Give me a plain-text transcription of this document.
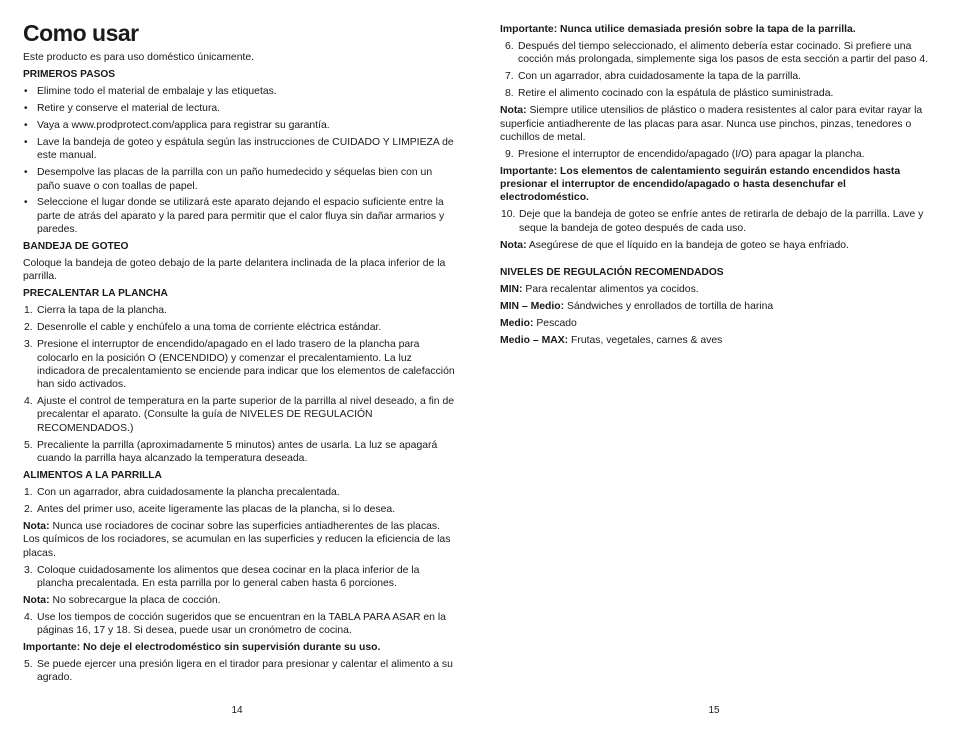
Como usar

Este producto es para uso doméstico únicamente.

PRIMEROS PASOS

• Elimine todo el material de embalaje y las etiquetas.
• Retire y conserve el material de lectura.
• Vaya a www.prodprotect.com/applica para registrar su garantía.
• Lave la bandeja de goteo y espátula según las instrucciones de CUIDADO Y LIMPIEZA de este manual.
• Desempolve las placas de la parrilla con un paño humedecido y séquelas bien con un paño suave o con toallas de papel.
• Seleccione el lugar donde se utilizará este aparato dejando el espacio suficiente entre la parte de atrás del aparato y la pared para permitir que el calor fluya sin dañar armarios y paredes.

BANDEJA DE GOTEO

Coloque la bandeja de goteo debajo de la parte delantera inclinada de la placa inferior de la parrilla.

PRECALENTAR LA PLANCHA

1. Cierra la tapa de la plancha.
2. Desenrolle el cable y enchúfelo a una toma de corriente eléctrica estándar.
3. Presione el interruptor de encendido/apagado en el lado trasero de la plancha para colocarlo en la posición O (ENCENDIDO) y comenzar el precalentamiento. La luz indicadora de precalentamiento se enciende para indicar que los elementos de calefacción han sido activados.
4. Ajuste el control de temperatura en la parte superior de la parrilla al nivel deseado, a fin de precalentar el aparato. (Consulte la guía de NIVELES DE REGULACIÓN RECOMENDADOS.)
5. Precaliente la parrilla (aproximadamente 5 minutos) antes de usarla. La luz se apagará cuando la parrilla haya alcanzado la temperatura deseada.

ALIMENTOS A LA PARRILLA

1. Con un agarrador, abra cuidadosamente la plancha precalentada.
2. Antes del primer uso, aceite ligeramente las placas de la plancha, si lo desea.

Nota: Nunca use rociadores de cocinar sobre las superficies antiadherentes de las placas. Los químicos de los rociadores, se acumulan en las superficies y reducen la eficiencia de las placas.

3. Coloque cuidadosamente los alimentos que desea cocinar en la placa inferior de la plancha precalentada. En esta parrilla por lo general caben hasta 6 porciones.

Nota: No sobrecargue la placa de cocción.

4. Use los tiempos de cocción sugeridos que se encuentran en la TABLA PARA ASAR en la páginas 16, 17 y 18. Si desea, puede usar un cronómetro de cocina.

Importante: No deje el electrodoméstico sin supervisión durante su uso.

5. Se puede ejercer una presión ligera en el tirador para presionar y calentar el alimento a su agrado.
14

Importante: Nunca utilice demasiada presión sobre la tapa de la parrilla.

6. Después del tiempo seleccionado, el alimento debería estar cocinado. Si prefiere una cocción más prolongada, simplemente siga los pasos de esta sección a partir del paso 4.
7. Con un agarrador, abra cuidadosamente la tapa de la parrilla.
8. Retire el alimento cocinado con la espátula de plástico suministrada.

Nota: Siempre utilice utensilios de plástico o madera resistentes al calor para evitar rayar la superficie antiadherente de las placas para asar. Nunca use pinchos, pinzas, tenedores o cuchillos de metal.

9. Presione el interruptor de encendido/apagado (I/O) para apagar la plancha.

Importante: Los elementos de calentamiento seguirán estando encendidos hasta presionar el interruptor de encendido/apagado o hasta desenchufar el electrodoméstico.

10. Deje que la bandeja de goteo se enfríe antes de retirarla de debajo de la parrilla. Lave y seque la bandeja de goteo después de cada uso.

Nota: Asegúrese de que el líquido en la bandeja de goteo se haya enfriado.

NIVELES DE REGULACIÓN RECOMENDADOS

MIN: Para recalentar alimentos ya cocidos.

MIN – Medio: Sándwiches y enrollados de tortilla de harina

Medio: Pescado

Medio – MAX: Frutas, vegetales, carnes & aves

15
